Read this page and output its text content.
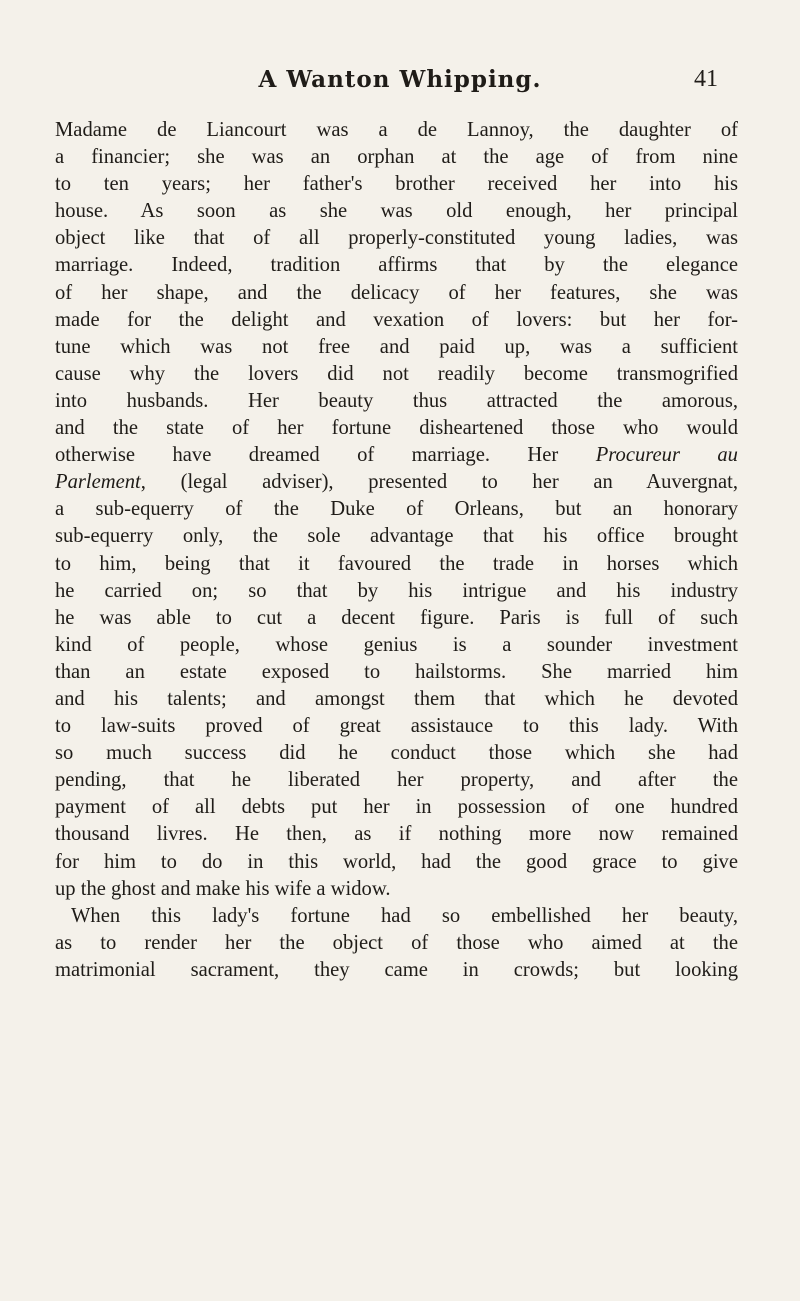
A Wanton Whipping.	41
Madame de Liancourt was a de Lannoy, the daughter of
a financier; she was an orphan at the age of from nine
to ten years; her father's brother received her into his
house. As soon as she was old enough, her principal
object like that of all properly-constituted young ladies, was
marriage. Indeed, tradition affirms that by the elegance
of her shape, and the delicacy of her features, she was
made for the delight and vexation of lovers: but her for-
tune which was not free and paid up, was a sufficient
cause why the lovers did not readily become transmogrified
into husbands. Her beauty thus attracted the amorous,
and the state of her fortune disheartened those who would
otherwise have dreamed of marriage. Her Procureur au
Parlement, (legal adviser), presented to her an Auvergnat,
a sub-equerry of the Duke of Orleans, but an honorary
sub-equerry only, the sole advantage that his office brought
to him, being that it favoured the trade in horses which
he carried on; so that by his intrigue and his industry
he was able to cut a decent figure. Paris is full of such
kind of people, whose genius is a sounder investment
than an estate exposed to hailstorms. She married him
and his talents; and amongst them that which he devoted
to law-suits proved of great assistauce to this lady. With
so much success did he conduct those which she had
pending, that he liberated her property, and after the
payment of all debts put her in possession of one hundred
thousand livres. He then, as if nothing more now remained
for him to do in this world, had the good grace to give
up the ghost and make his wife a widow.
When this lady's fortune had so embellished her beauty,
as to render her the object of those who aimed at the
matrimonial sacrament, they came in crowds; but looking
